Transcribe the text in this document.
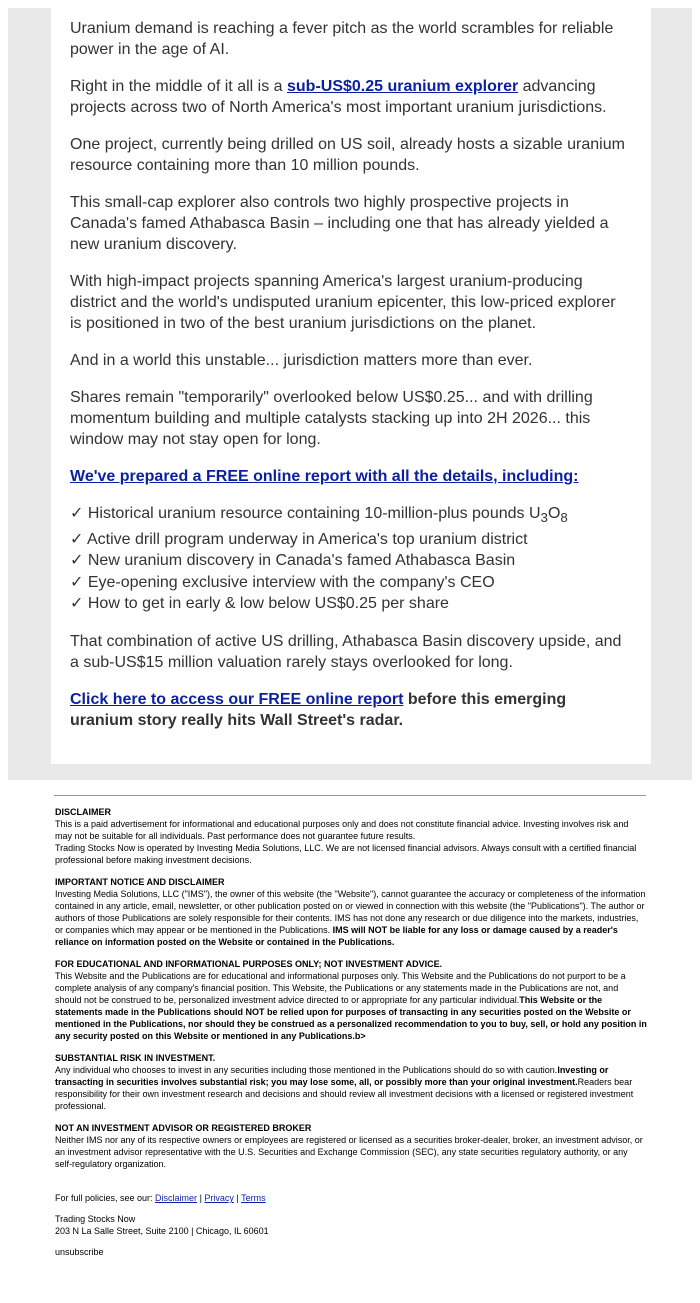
Uranium demand is reaching a fever pitch as the world scrambles for reliable power in the age of AI.

Right in the middle of it all is a sub-US$0.25 uranium explorer advancing projects across two of North America's most important uranium jurisdictions.

One project, currently being drilled on US soil, already hosts a sizable uranium resource containing more than 10 million pounds.

This small-cap explorer also controls two highly prospective projects in Canada's famed Athabasca Basin – including one that has already yielded a new uranium discovery.

With high-impact projects spanning America's largest uranium-producing district and the world's undisputed uranium epicenter, this low-priced explorer is positioned in two of the best uranium jurisdictions on the planet.

And in a world this unstable... jurisdiction matters more than ever.

Shares remain "temporarily" overlooked below US$0.25... and with drilling momentum building and multiple catalysts stacking up into 2H 2026... this window may not stay open for long.

We've prepared a FREE online report with all the details, including:

✓ Historical uranium resource containing 10-million-plus pounds $U_3O_8$
✓ Active drill program underway in America's top uranium district
✓ New uranium discovery in Canada's famed Athabasca Basin
✓ Eye-opening exclusive interview with the company's CEO
✓ How to get in early & low below US$0.25 per share

That combination of active US drilling, Athabasca Basin discovery upside, and a sub-US$15 million valuation rarely stays overlooked for long.

Click here to access our FREE online report before this emerging uranium story really hits Wall Street's radar.

DISCLAIMER

This is a paid advertisement for informational and educational purposes only and does not constitute financial advice. Investing involves risk and may not be suitable for all individuals. Past performance does not guarantee future results.

Trading Stocks Now is operated by Investing Media Solutions, LLC. We are not licensed financial advisors. Always consult with a certified financial professional before making investment decisions.

IMPORTANT NOTICE AND DISCLAIMER

Investing Media Solutions, LLC ("IMS"), the owner of this website (the "Website"), cannot guarantee the accuracy or completeness of the information contained in any article, email, newsletter, or other publication posted on or viewed in connection with this website (the "Publications"). The author or authors of those Publications are solely responsible for their contents. IMS has not done any research or due diligence into the markets, industries, or companies which may appear or be mentioned in the Publications. IMS will NOT be liable for any loss or damage caused by a reader's reliance on information posted on the Website or contained in the Publications.

FOR EDUCATIONAL AND INFORMATIONAL PURPOSES ONLY; NOT INVESTMENT ADVICE.

This Website and the Publications are for educational and informational purposes only. This Website and the Publications do not purport to be a complete analysis of any company's financial position. This Website, the Publications or any statements made in the Publications are not, and should not be construed to be, personalized investment advice directed to or appropriate for any particular individual.This Website or the statements made in the Publications should NOT be relied upon for purposes of transacting in any securities posted on the Website or mentioned in the Publications, nor should they be construed as a personalized recommendation to you to buy, sell, or hold any position in any security posted on this Website or mentioned in any Publications.b>

SUBSTANTIAL RISK IN INVESTMENT.

Any individual who chooses to invest in any securities including those mentioned in the Publications should do so with caution.Investing or transacting in securities involves substantial risk; you may lose some, all, or possibly more than your original investment.Readers bear responsibility for their own investment research and decisions and should review all investment decisions with a licensed or registered investment professional.

NOT AN INVESTMENT ADVISOR OR REGISTERED BROKER

Neither IMS nor any of its respective owners or employees are registered or licensed as a securities broker-dealer, broker, an investment advisor, or an investment advisor representative with the U.S. Securities and Exchange Commission (SEC), any state securities regulatory authority, or any self-regulatory organization.

For full policies, see our: Disclaimer | Privacy | Terms

Trading Stocks Now

203 N La Salle Street, Suite 2100 | Chicago, IL 60601

unsubscribe
